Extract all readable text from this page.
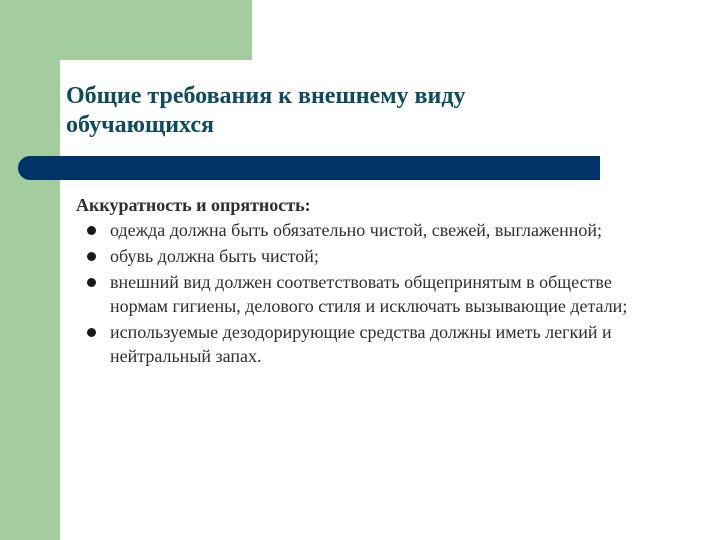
Общие требования к внешнему виду
обучающихся

Аккуратность и опрятность:

одежда должна быть обязательно чистой, свежей, выглаженной;
обувь должна быть чистой;
внешний вид должен соответствовать общепринятым в обществе нормам гигиены, делового стиля и исключать вызывающие детали;
используемые дезодорирующие средства должны иметь легкий и нейтральный запах.
